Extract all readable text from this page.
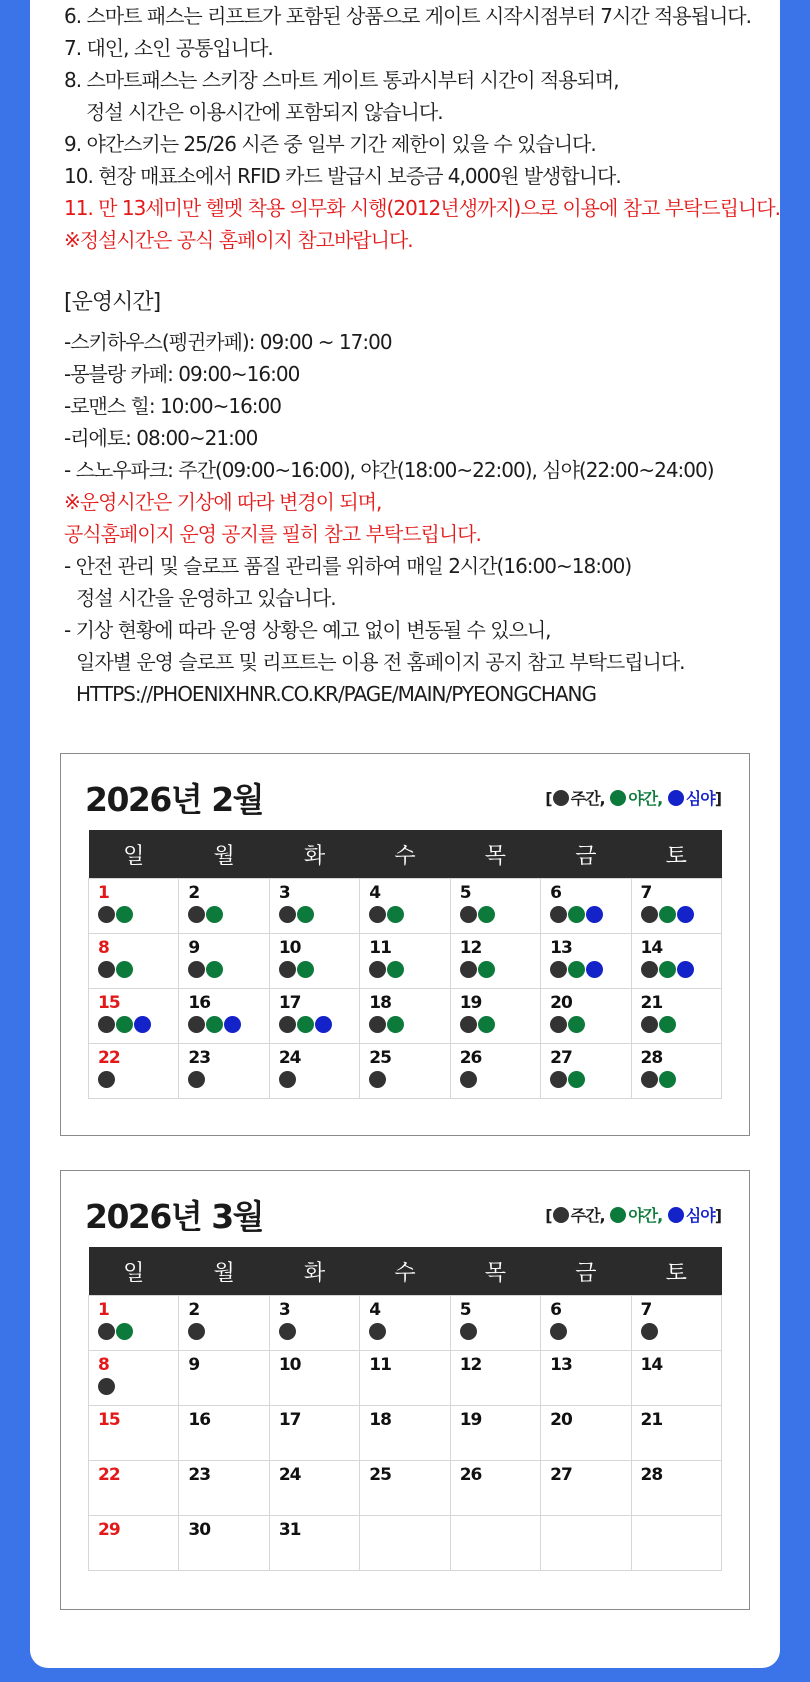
6. 스마트 패스는 리프트가 포함된 상품으로 게이트 시작시점부터 7시간 적용됩니다.

7. 대인, 소인 공통입니다.

8. 스마트패스는 스키장 스마트 게이트 통과시부터 시간이 적용되며,

정설 시간은 이용시간에 포함되지 않습니다.

9. 야간스키는 25/26 시즌 중 일부 기간 제한이 있을 수 있습니다.

10. 현장 매표소에서 RFID 카드 발급시 보증금 4,000원 발생합니다.

11. 만 13세미만 헬멧 착용 의무화 시행(2012년생까지)으로 이용에 참고 부탁드립니다.

※정설시간은 공식 홈페이지 참고바랍니다.

[운영시간]

-스키하우스(펭귄카페): 09:00 ~ 17:00

-몽블랑 카페: 09:00~16:00

-로맨스 힐: 10:00~16:00

-리에토: 08:00~21:00

- 스노우파크: 주간(09:00~16:00), 야간(18:00~22:00), 심야(22:00~24:00)

※운영시간은 기상에 따라 변경이 되며,

공식홈페이지 운영 공지를 필히 참고 부탁드립니다.

- 안전 관리 및 슬로프 품질 관리를 위하여 매일 2시간(16:00~18:00)

정설 시간을 운영하고 있습니다.

- 기상 현황에 따라 운영 상황은 예고 없이 변동될 수 있으니,

일자별 운영 슬로프 및 리프트는 이용 전 홈페이지 공지 참고 부탁드립니다.

HTTPS://PHOENIXHNR.CO.KR/PAGE/MAIN/PYEONGCHANG

2026년 2월	[ 주간, 야간, 심야]
일	월	화	수	목	금	토

1	2	3	4	5	6	7

8	9	10	11	12	13	14

15	16	17	18	19	20	21

22	23	24	25	26	27	28
2026년 3월	[ 주간, 야간, 심야]
일	월	화	수	목	금	토

1	2	3	4	5	6	7

8	9	10	11	12	13	14

15	16	17	18	19	20	21

22	23	24	25	26	27	28

29	30	31				
